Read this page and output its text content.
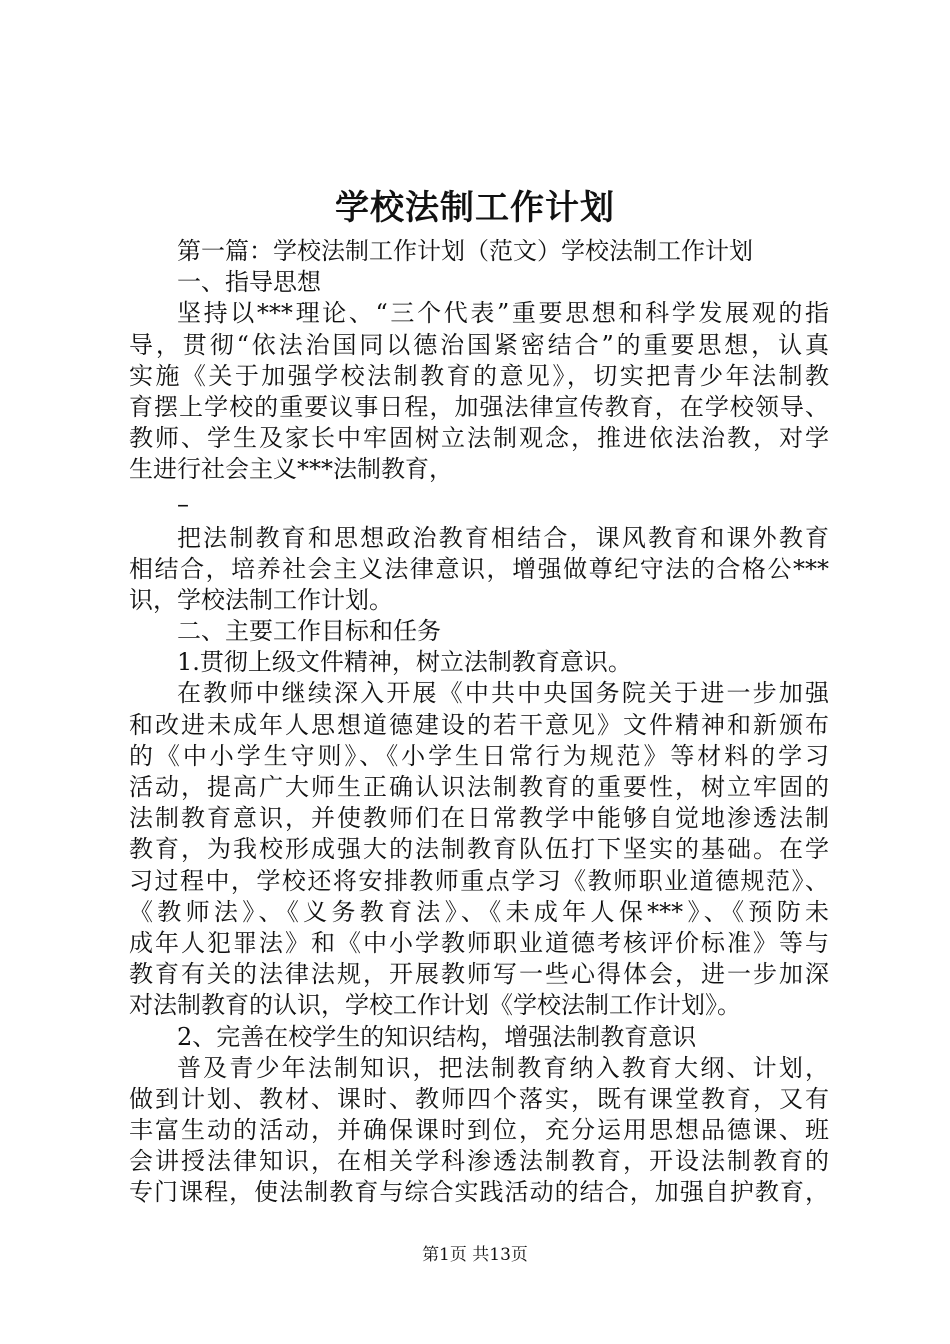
学校法制工作计划
第一篇：学校法制工作计划（范文）学校法制工作计划
一、指导思想
坚持以***理论、“三个代表”重要思想和科学发展观的指
导，贯彻“依法治国同以德治国紧密结合”的重要思想，认真
实施《关于加强学校法制教育的意见》，切实把青少年法制教
育摆上学校的重要议事日程，加强法律宣传教育，在学校领导、
教师、学生及家长中牢固树立法制观念，推进依法治教，对学
生进行社会主义***法制教育，
–
把法制教育和思想政治教育相结合，课风教育和课外教育
相结合，培养社会主义法律意识，增强做尊纪守法的合格公***
识，学校法制工作计划。
二、主要工作目标和任务
1.贯彻上级文件精神，树立法制教育意识。
在教师中继续深入开展《中共中央国务院关于进一步加强
和改进未成年人思想道德建设的若干意见》文件精神和新颁布
的《中小学生守则》、《小学生日常行为规范》等材料的学习
活动，提高广大师生正确认识法制教育的重要性，树立牢固的
法制教育意识，并使教师们在日常教学中能够自觉地渗透法制
教育，为我校形成强大的法制教育队伍打下坚实的基础。在学
习过程中，学校还将安排教师重点学习《教师职业道德规范》、
《教师法》、《义务教育法》、《未成年人保***》、《预防未
成年人犯罪法》和《中小学教师职业道德考核评价标准》等与
教育有关的法律法规，开展教师写一些心得体会，进一步加深
对法制教育的认识，学校工作计划《学校法制工作计划》。
2、完善在校学生的知识结构，增强法制教育意识
普及青少年法制知识，把法制教育纳入教育大纲、计划，
做到计划、教材、课时、教师四个落实，既有课堂教育，又有
丰富生动的活动，并确保课时到位，充分运用思想品德课、班
会讲授法律知识，在相关学科渗透法制教育，开设法制教育的
专门课程，使法制教育与综合实践活动的结合，加强自护教育，
第1页 共13页
